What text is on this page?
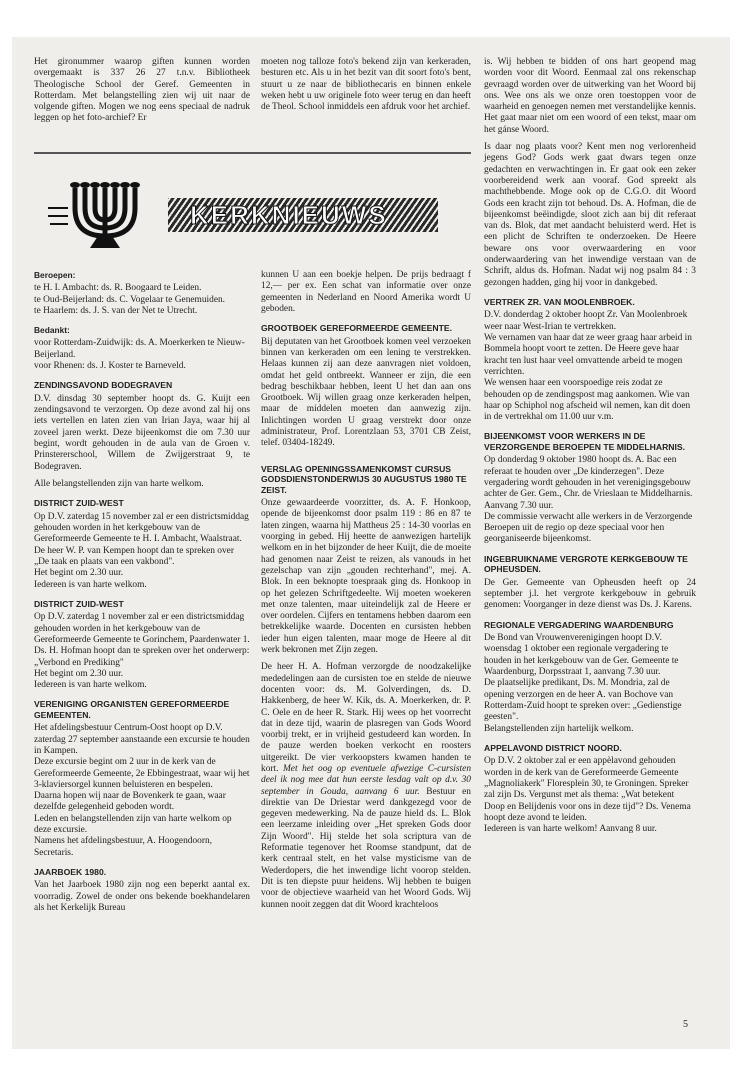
Het gironummer waarop giften kunnen worden overgemaakt is 337 26 27 t.n.v. Bibliotheek Theologische School der Geref. Gemeenten in Rotterdam. Met belangstelling zien wij uit naar de volgende giften. Mogen we nog eens speciaal de nadruk leggen op het foto-archief? Er

moeten nog talloze foto's bekend zijn van kerkeraden, besturen etc. Als u in het bezit van dit soort foto's bent, stuurt u ze naar de bibliothecaris en binnen enkele weken hebt u uw originele foto weer terug en dan heeft de Theol. School inmiddels een afdruk voor het archief.

KERKNIEUWS
Beroepen:
te H. I. Ambacht: ds. R. Boogaard te Leiden.
te Oud-Beijerland: ds. C. Vogelaar te Genemuiden.
te Haarlem: ds. J. S. van der Net te Utrecht.
Bedankt:
voor Rotterdam-Zuidwijk: ds. A. Moerkerken te Nieuw-Beijerland.
voor Rhenen: ds. J. Koster te Barneveld.
ZENDINGSAVOND BODEGRAVEN

D.V. dinsdag 30 september hoopt ds. G. Kuijt een zendingsavond te verzorgen. Op deze avond zal hij ons iets vertellen en laten zien van Irian Jaya, waar hij al zoveel jaren werkt. Deze bijeenkomst die om 7.30 uur begint, wordt gehouden in de aula van de Groen v. Prinstererschool, Willem de Zwijgerstraat 9, te Bodegraven.

Alle belangstellenden zijn van harte welkom.

DISTRICT ZUID-WEST
Op D.V. zaterdag 15 november zal er een districtsmiddag gehouden worden in het kerkgebouw van de Gereformeerde Gemeente te H. I. Ambacht, Waalstraat.
De heer W. P. van Kempen hoopt dan te spreken over „De taak en plaats van een vakbond".
Het begint om 2.30 uur.
Iedereen is van harte welkom.
DISTRICT ZUID-WEST
Op D.V. zaterdag 1 november zal er een districtsmiddag gehouden worden in het kerkgebouw van de Gereformeerde Gemeente te Gorinchem, Paardenwater 1.
Ds. H. Hofman hoopt dan te spreken over het onderwerp: „Verbond en Prediking"
Het begint om 2.30 uur.
Iedereen is van harte welkom.
VERENIGING ORGANISTEN GEREFORMEERDE GEMEENTEN.
Het afdelingsbestuur Centrum-Oost hoopt op D.V. zaterdag 27 september aanstaande een excursie te houden in Kampen.
Deze excursie begint om 2 uur in de kerk van de Gereformeerde Gemeente, 2e Ebbingestraat, waar wij het 3-klaviersorgel kunnen beluisteren en bespelen.
Daarna hopen wij naar de Bovenkerk te gaan, waar dezelfde gelegenheid geboden wordt.
Leden en belangstellenden zijn van harte welkom op deze excursie.
Namens het afdelingsbestuur, A. Hoogendoorn, Secretaris.
JAARBOEK 1980.

Van het Jaarboek 1980 zijn nog een beperkt aantal ex. voorradig. Zowel de onder ons bekende boekhandelaren als het Kerkelijk Bureau

kunnen U aan een boekje helpen. De prijs bedraagt f 12,— per ex. Een schat van informatie over onze gemeenten in Nederland en Noord Amerika wordt U geboden.

GROOTBOEK GEREFORMEERDE GEMEENTE.

Bij deputaten van het Grootboek komen veel verzoeken binnen van kerkeraden om een lening te verstrekken. Helaas kunnen zij aan deze aanvragen niet voldoen, omdat het geld ontbreekt. Wanneer er zijn, die een bedrag beschikbaar hebben, leent U het dan aan ons Grootboek. Wij willen graag onze kerkeraden helpen, maar de middelen moeten dan aanwezig zijn. Inlichtingen worden U graag verstrekt door onze administrateur, Prof. Lorentzlaan 53, 3701 CB Zeist, telef. 03404-18249.

VERSLAG OPENINGSSAMENKOMST CURSUS GODSDIENSTONDERWIJS 30 AUGUSTUS 1980 TE ZEIST.

Onze gewaardeerde voorzitter, ds. A. F. Honkoop, opende de bijeenkomst door psalm 119 : 86 en 87 te laten zingen, waarna hij Mattheus 25 : 14-30 voorlas en voorging in gebed. Hij heette de aanwezigen hartelijk welkom en in het bijzonder de heer Kuijt, die de moeite had genomen naar Zeist te reizen, als vanouds in het gezelschap van zijn „gouden rechterhand", mej. A. Blok. In een beknopte toespraak ging ds. Honkoop in op het gelezen Schriftgedeelte. Wij moeten woekeren met onze talenten, maar uiteindelijk zal de Heere er over oordelen. Cijfers en tentamens hebben daarom een betrekkelijke waarde. Docenten en cursisten hebben ieder hun eigen talenten, maar moge de Heere al dit werk bekronen met Zijn zegen.

De heer H. A. Hofman verzorgde de noodzakelijke mededelingen aan de cursisten toe en stelde de nieuwe docenten voor: ds. M. Golverdingen, ds. D. Hakkenberg, de heer W. Kik, ds. A. Moerkerken, dr. P. C. Oele en de heer R. Stark. Hij wees op het voorrecht dat in deze tijd, waarin de plasregen van Gods Woord voorbij trekt, er in vrijheid gestudeerd kan worden. In de pauze werden boeken verkocht en roosters uitgereikt. De vier verkoopsters kwamen handen te kort. Met het oog op eventuele afwezige C-cursisten deel ik nog mee dat hun eerste lesdag valt op d.v. 30 september in Gouda, aanvang 6 uur. Bestuur en direktie van De Driestar werd dankgezegd voor de gegeven medewerking. Na de pauze hield ds. L. Blok een leerzame inleiding over „Het spreken Gods door Zijn Woord". Hij stelde het sola scriptura van de Reformatie tegenover het Roomse standpunt, dat de kerk centraal stelt, en het valse mysticisme van de Wederdopers, die het inwendige licht voorop stelden. Dit is ten diepste puur heidens. Wij hebben te buigen voor de objectieve waarheid van het Woord Gods. Wij kunnen nooit zeggen dat dit Woord krachteloos

is. Wij hebben te bidden of ons hart geopend mag worden voor dit Woord. Eenmaal zal ons rekenschap gevraagd worden over de uitwerking van het Woord bij ons. Wee ons als we onze oren toestoppen voor de waarheid en genoegen nemen met verstandelijke kennis. Het gaat maar niet om een woord of een tekst, maar om het gánse Woord.

Is daar nog plaats voor? Kent men nog verlorenheid jegens God? Gods werk gaat dwars tegen onze gedachten en verwachtingen in. Er gaat ook een zeker voorbereidend werk aan vooraf. God spreekt als machthebbende. Moge ook op de C.G.O. dit Woord Gods een kracht zijn tot behoud. Ds. A. Hofman, die de bijeenkomst beëindigde, sloot zich aan bij dit referaat van ds. Blok, dat met aandacht beluisterd werd. Het is een plicht de Schriften te onderzoeken. De Heere beware ons voor overwaardering en voor onderwaardering van het inwendige verstaan van de Schrift, aldus ds. Hofman. Nadat wij nog psalm 84 : 3 gezongen hadden, ging hij voor in dankgebed.

VERTREK ZR. VAN MOOLENBROEK.
D.V. donderdag 2 oktober hoopt Zr. Van Moolenbroek weer naar West-Irian te vertrekken.
We vernamen van haar dat ze weer graag haar arbeid in Bommela hoopt voort te zetten. De Heere geve haar kracht ten lust haar veel omvattende arbeid te mogen verrichten.
We wensen haar een voorspoedige reis zodat ze behouden op de zendingspost mag aankomen. Wie van haar op Schiphol nog afscheid wil nemen, kan dit doen in de vertrekhal om 11.00 uur v.m.
BIJEENKOMST VOOR WERKERS IN DE VERZORGENDE BEROEPEN TE MIDDELHARNIS.
Op donderdag 9 oktober 1980 hoopt ds. A. Bac een referaat te houden over „De kinderzegen". Deze vergadering wordt gehouden in het verenigingsgebouw achter de Ger. Gem., Chr. de Vrieslaan te Middelharnis.
Aanvang 7.30 uur.
De commissie verwacht alle werkers in de Verzorgende Beroepen uit de regio op deze speciaal voor hen georganiseerde bijeenkomst.
INGEBRUIKNAME VERGROTE KERKGEBOUW TE OPHEUSDEN.

De Ger. Gemeente van Opheusden heeft op 24 september j.l. het vergrote kerkgebouw in gebruik genomen: Voorganger in deze dienst was Ds. J. Karens.

REGIONALE VERGADERING WAARDENBURG
De Bond van Vrouwenverenigingen hoopt D.V. woensdag 1 oktober een regionale vergadering te houden in het kerkgebouw van de Ger. Gemeente te Waardenburg, Dorpsstraat 1, aanvang 7.30 uur.
De plaatselijke predikant, Ds. M. Mondria, zal de opening verzorgen en de heer A. van Bochove van Rotterdam-Zuid hoopt te spreken over: „Gedienstige geesten".
Belangstellenden zijn hartelijk welkom.
APPELAVOND DISTRICT NOORD.
Op D.V. 2 oktober zal er een appèlavond gehouden worden in de kerk van de Gereformeerde Gemeente „Magnoliakerk" Floresplein 30, te Groningen. Spreker zal zijn Ds. Vergunst met als thema: „Wat betekent Doop en Belijdenis voor ons in deze tijd"? Ds. Venema hoopt deze avond te leiden.
Iedereen is van harte welkom! Aanvang 8 uur.
5
